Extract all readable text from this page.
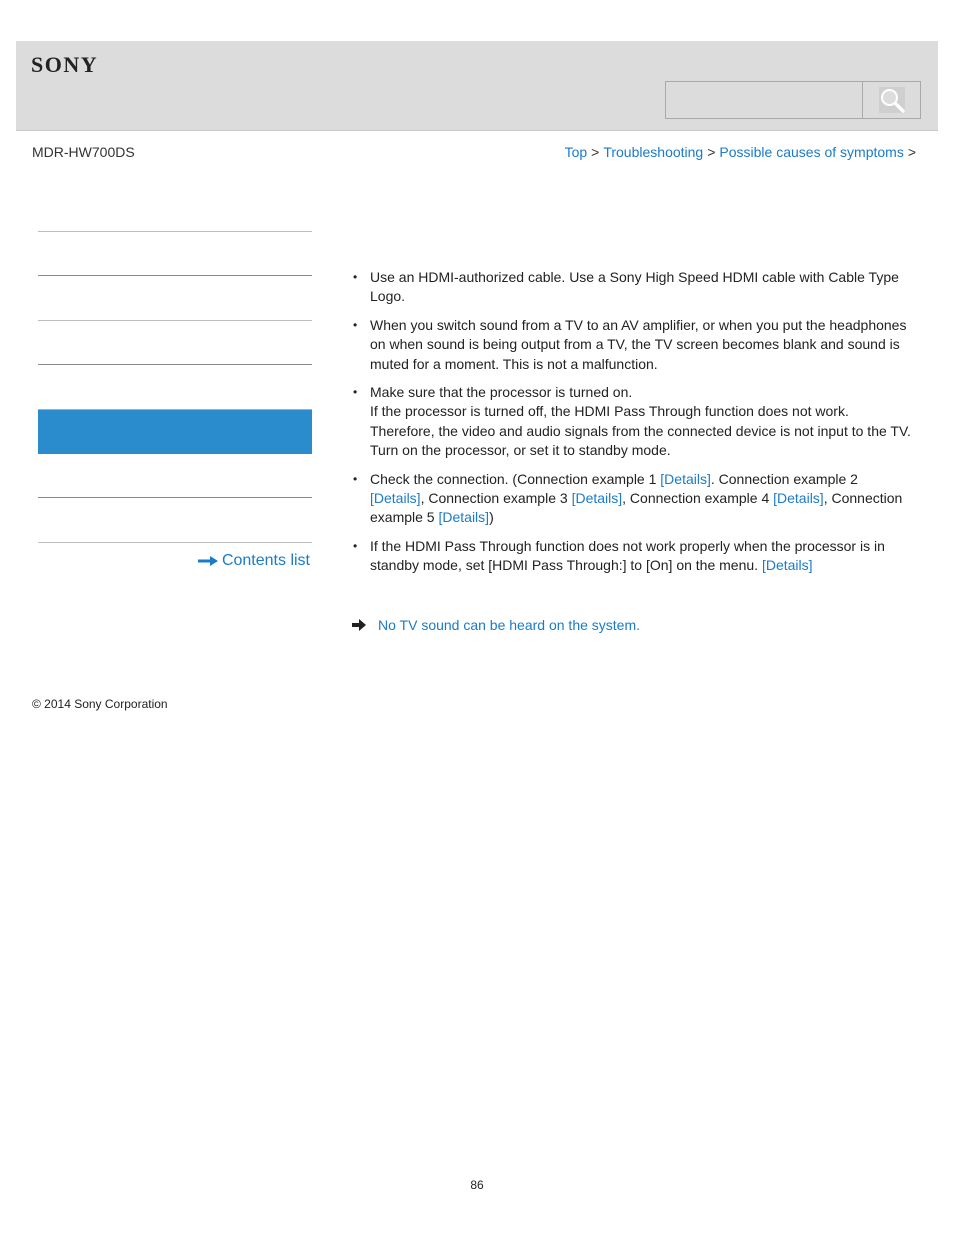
SONY
MDR-HW700DS	Top > Troubleshooting > Possible causes of symptoms >
Contents list
• Use an HDMI-authorized cable. Use a Sony High Speed HDMI cable with Cable Type Logo.
• When you switch sound from a TV to an AV amplifier, or when you put the headphones on when sound is being output from a TV, the TV screen becomes blank and sound is muted for a moment. This is not a malfunction.
• Make sure that the processor is turned on.
If the processor is turned off, the HDMI Pass Through function does not work. Therefore, the video and audio signals from the connected device is not input to the TV. Turn on the processor, or set it to standby mode.
• Check the connection. (Connection example 1 [Details]. Connection example 2 [Details], Connection example 3 [Details], Connection example 4 [Details], Connection example 5 [Details])
• If the HDMI Pass Through function does not work properly when the processor is in standby mode, set [HDMI Pass Through:] to [On] on the menu. [Details]
No TV sound can be heard on the system.
© 2014 Sony Corporation
86
